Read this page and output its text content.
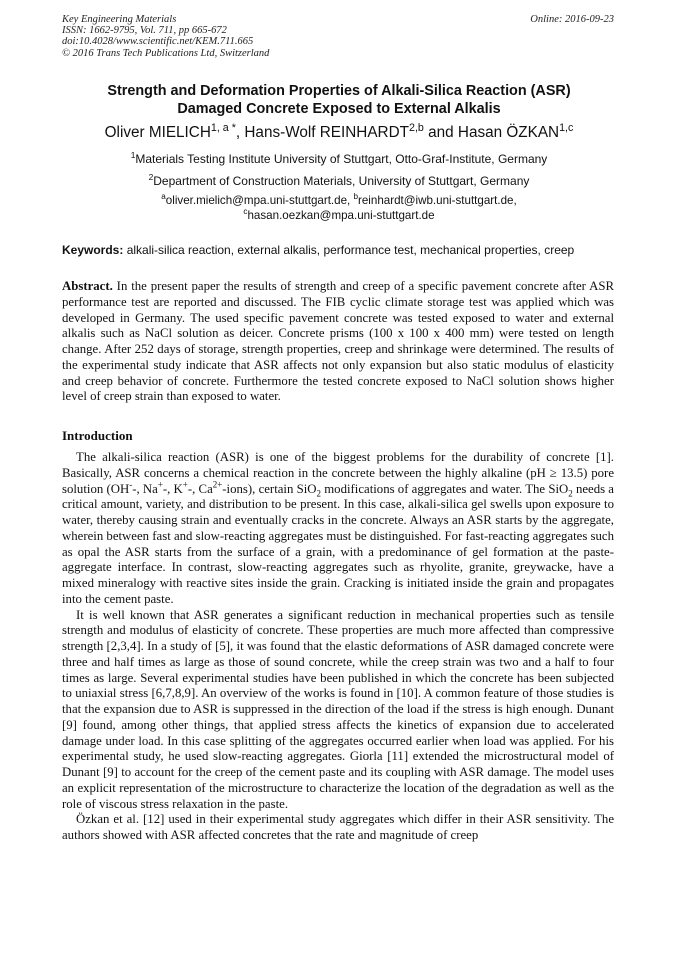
Key Engineering Materials
ISSN: 1662-9795, Vol. 711, pp 665-672
doi:10.4028/www.scientific.net/KEM.711.665
© 2016 Trans Tech Publications Ltd, Switzerland
Online: 2016-09-23
Strength and Deformation Properties of Alkali-Silica Reaction (ASR)
Damaged Concrete Exposed to External Alkalis
Oliver $MIELICH^{1, a *}$, Hans-Wolf REINHARDT$^{2,b}$ and Hasan ÖZKAN$^{1,c}$
$^1$Materials Testing Institute University of Stuttgart, Otto-Graf-Institute, Germany
$^2$Department of Construction Materials, University of Stuttgart, Germany
$^a$oliver.mielich@mpa.uni-stuttgart.de, $^b$reinhardt@iwb.uni-stuttgart.de,
$^c$hasan.oezkan@mpa.uni-stuttgart.de
Keywords: alkali-silica reaction, external alkalis, performance test, mechanical properties, creep
Abstract. In the present paper the results of strength and creep of a specific pavement concrete after ASR performance test are reported and discussed. The FIB cyclic climate storage test was applied which was developed in Germany. The used specific pavement concrete was tested exposed to water and external alkalis such as NaCl solution as deicer. Concrete prisms (100 x 100 x 400 mm) were tested on length change. After 252 days of storage, strength properties, creep and shrinkage were determined. The results of the experimental study indicate that ASR affects not only expansion but also static modulus of elasticity and creep behavior of concrete. Furthermore the tested concrete exposed to NaCl solution shows higher level of creep strain than exposed to water.
Introduction

The alkali-silica reaction (ASR) is one of the biggest problems for the durability of concrete [1]. Basically, ASR concerns a chemical reaction in the concrete between the highly alkaline (pH ≥ 13.5) pore solution (OH--, Na+-, K+-, $Ca^{2+}-ions$), certain SiO$_2$ modifications of aggregates and water. The SiO$_2$ needs a critical amount, variety, and distribution to be present. In this case, alkali-silica gel swells upon exposure to water, thereby causing strain and eventually cracks in the concrete. Always an ASR starts by the aggregate, wherein between fast and slow-reacting aggregates must be distinguished. For fast-reacting aggregates such as opal the ASR starts from the surface of a grain, with a predominance of gel formation at the paste-aggregate interface. In contrast, slow-reacting aggregates such as rhyolite, granite, greywacke, have a mixed mineralogy with reactive sites inside the grain. Cracking is initiated inside the grain and propagates into the cement paste.

It is well known that ASR generates a significant reduction in mechanical properties such as tensile strength and modulus of elasticity of concrete. These properties are much more affected than compressive strength [2,3,4]. In a study of [5], it was found that the elastic deformations of ASR damaged concrete were three and half times as large as those of sound concrete, while the creep strain was two and a half to four times as large. Several experimental studies have been published in which the concrete has been subjected to uniaxial stress [6,7,8,9]. An overview of the works is found in [10]. A common feature of those studies is that the expansion due to ASR is suppressed in the direction of the load if the stress is high enough. Dunant [9] found, among other things, that applied stress affects the kinetics of expansion due to accelerated damage under load. In this case splitting of the aggregates occurred earlier when load was applied. For his experimental study, he used slow-reacting aggregates. Giorla [11] extended the microstructural model of Dunant [9] to account for the creep of the cement paste and its coupling with ASR damage. The model uses an explicit representation of the microstructure to characterize the location of the degradation as well as the role of viscous stress relaxation in the paste.

Özkan et al. [12] used in their experimental study aggregates which differ in their ASR sensitivity. The authors showed with ASR affected concretes that the rate and magnitude of creep
